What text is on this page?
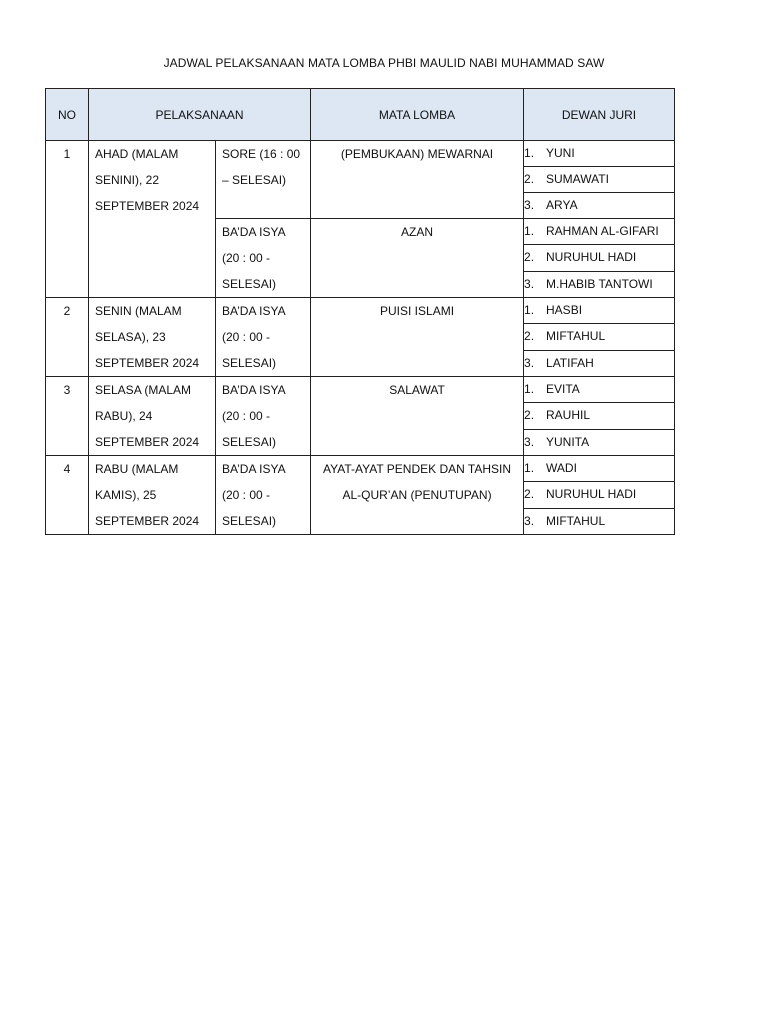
JADWAL PELAKSANAAN MATA LOMBA PHBI MAULID NABI MUHAMMAD SAW
NO	PELAKSANAAN		MATA LOMBA	DEWAN JURI
1	AHAD (MALAM SENINI), 22 SEPTEMBER 2024	SORE (16 : 00 – SELESAI)	(PEMBUKAAN) MEWARNAI	1. YUNI
				2. SUMAWATI
				3. ARYA

		BA’DA ISYA (20 : 00 - SELESAI)	AZAN	1. RAHMAN AL-GIFARI
				2. NURUHUL HADI
				3. M.HABIB TANTOWI
2	SENIN (MALAM SELASA), 23 SEPTEMBER 2024	BA’DA ISYA (20 : 00 - SELESAI)	PUISI ISLAMI	1. HASBI
				2. MIFTAHUL
				3. LATIFAH
3	SELASA (MALAM RABU), 24 SEPTEMBER 2024	BA’DA ISYA (20 : 00 - SELESAI)	SALAWAT	1. EVITA
				2. RAUHIL
				3. YUNITA
4	RABU (MALAM KAMIS), 25 SEPTEMBER 2024	BA’DA ISYA (20 : 00 - SELESAI)	AYAT-AYAT PENDEK DAN TAHSIN AL-QUR’AN (PENUTUPAN)	1. WADI
				2. NURUHUL HADI
				3. MIFTAHUL
